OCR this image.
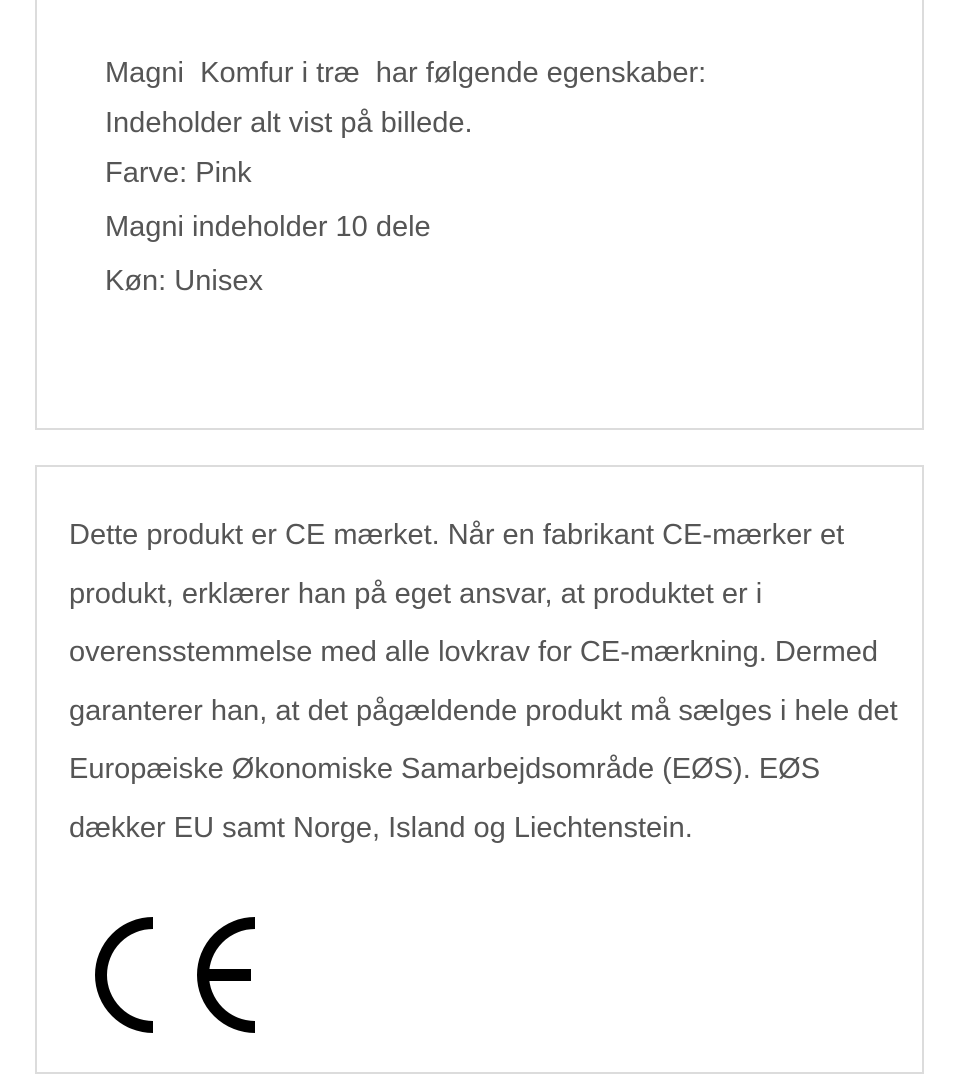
Magni  Komfur i træ  har følgende egenskaber:
Indeholder alt vist på billede.
Farve: Pink
Magni indeholder 10 dele
Køn: Unisex

Dette produkt er CE mærket. Når en fabrikant CE-mærker et produkt, erklærer han på eget ansvar, at produktet er i overensstemmelse med alle lovkrav for CE-mærkning. Dermed garanterer han, at det pågældende produkt må sælges i hele det Europæiske Økonomiske Samarbejdsområde (EØS). EØS dækker EU samt Norge, Island og Liechtenstein.
